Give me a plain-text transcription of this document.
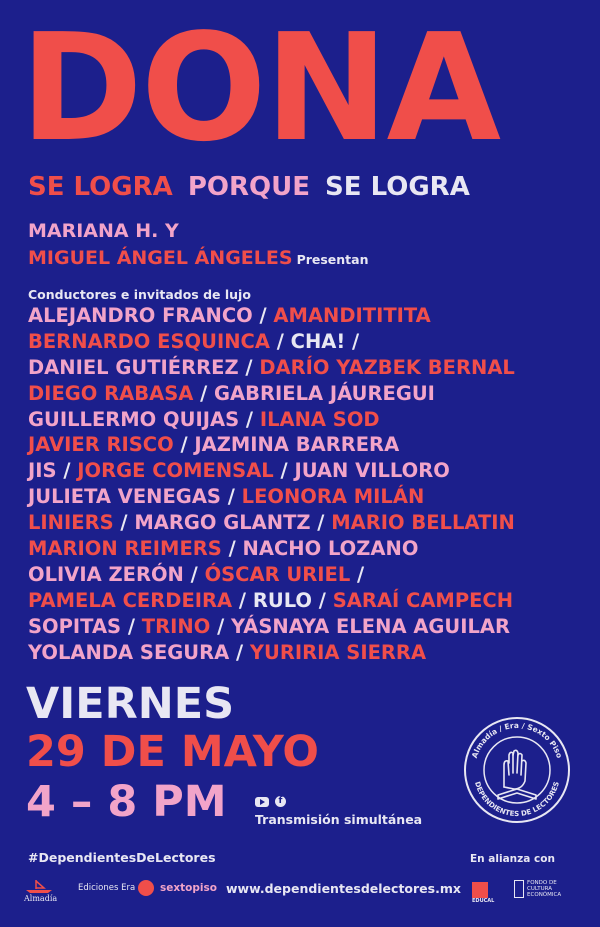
DONA
SE LOGRA PORQUE SE LOGRA
MARIANA H. Y
MIGUEL ÁNGEL ÁNGELES Presentan
Conductores e invitados de lujo
ALEJANDRO FRANCO / AMANDITITITA
BERNARDO ESQUINCA / CHA! /
DANIEL GUTIÉRREZ / DARÍO YAZBEK BERNAL
DIEGO RABASA / GABRIELA JÁUREGUI
GUILLERMO QUIJAS / ILANA SOD
JAVIER RISCO / JAZMINA BARRERA
JIS / JORGE COMENSAL / JUAN VILLORO
JULIETA VENEGAS / LEONORA MILÁN
LINIERS / MARGO GLANTZ / MARIO BELLATIN
MARION REIMERS / NACHO LOZANO
OLIVIA ZERÓN / ÓSCAR URIEL /
PAMELA CERDEIRA / RULO / SARAÍ CAMPECH
SOPITAS / TRINO / YÁSNAYA ELENA AGUILAR
YOLANDA SEGURA / YURIRIA SIERRA
VIERNES
29 DE MAYO
4 – 8 PM	f
Transmisión simultánea
Almadía / Era / Sexto Piso
DEPENDIENTES DE LECTORES
#DependientesDeLectores	En alianza con
Almadía
Ediciones Era sextopiso www.dependientesdelectores.mx
EDUCAL
FONDO DE CULTURA ECONÓMICA
